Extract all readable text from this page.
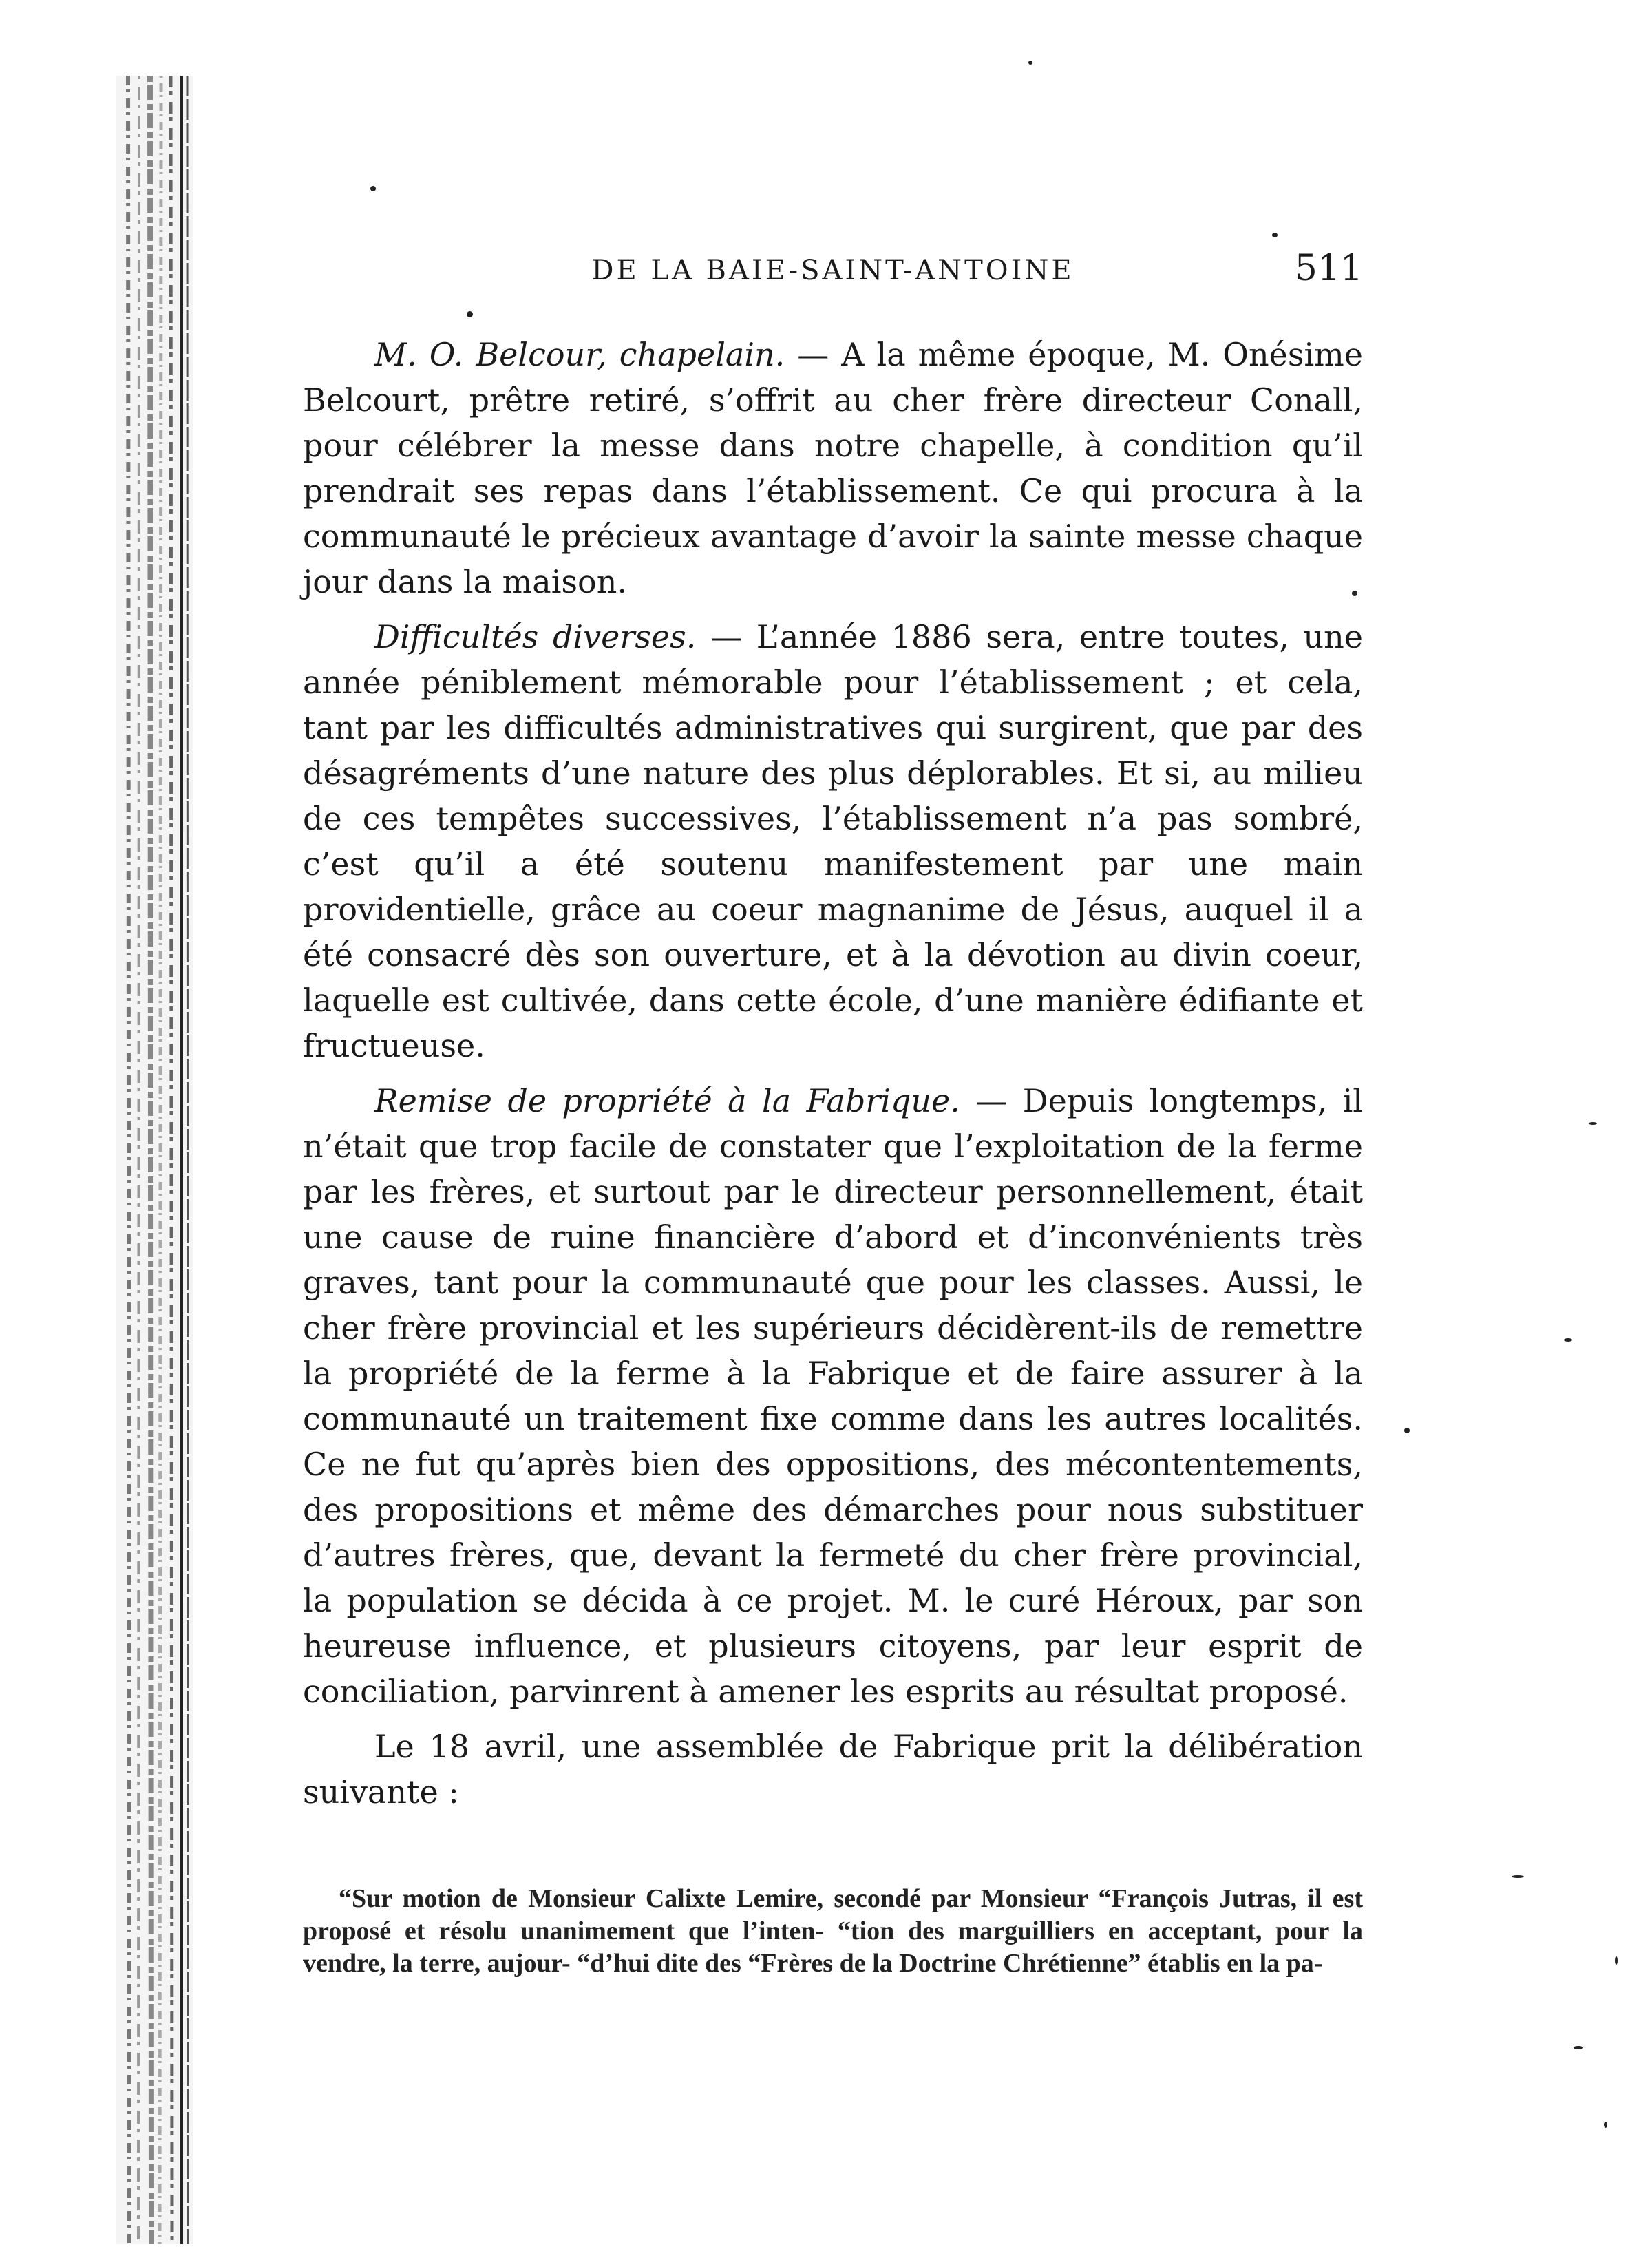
DE LA BAIE-SAINT-ANTOINE	511

M. O. Belcour, chapelain. — A la même époque, M. Onésime Belcourt, prêtre retiré, s’offrit au cher frère directeur Conall, pour célébrer la messe dans notre chapelle, à condition qu’il prendrait ses repas dans l’établissement. Ce qui procura à la communauté le précieux avantage d’avoir la sainte messe chaque jour dans la maison.

Difficultés diverses. — L’année 1886 sera, entre toutes, une année péniblement mémorable pour l’établissement ; et cela, tant par les difficultés administratives qui surgirent, que par des désagréments d’une nature des plus déplorables. Et si, au milieu de ces tempêtes successives, l’établissement n’a pas sombré, c’est qu’il a été soutenu manifestement par une main providentielle, grâce au coeur magnanime de Jésus, auquel il a été consacré dès son ouverture, et à la dévotion au divin coeur, laquelle est cultivée, dans cette école, d’une manière édifiante et fructueuse.

Remise de propriété à la Fabrique. — Depuis longtemps, il n’était que trop facile de constater que l’exploitation de la ferme par les frères, et surtout par le directeur personnellement, était une cause de ruine financière d’abord et d’inconvénients très graves, tant pour la communauté que pour les classes. Aussi, le cher frère provincial et les supérieurs décidèrent-ils de remettre la propriété de la ferme à la Fabrique et de faire assurer à la communauté un traitement fixe comme dans les autres localités. Ce ne fut qu’après bien des oppositions, des mécontentements, des propositions et même des démarches pour nous substituer d’autres frères, que, devant la fermeté du cher frère provincial, la population se décida à ce projet. M. le curé Héroux, par son heureuse influence, et plusieurs citoyens, par leur esprit de conciliation, parvinrent à amener les esprits au résultat proposé.

Le 18 avril, une assemblée de Fabrique prit la délibération suivante :

“Sur motion de Monsieur Calixte Lemire, secondé par Monsieur “François Jutras, il est proposé et résolu unanimement que l’inten- “tion des marguilliers en acceptant, pour la vendre, la terre, aujour- “d’hui dite des “Frères de la Doctrine Chrétienne” établis en la pa-
